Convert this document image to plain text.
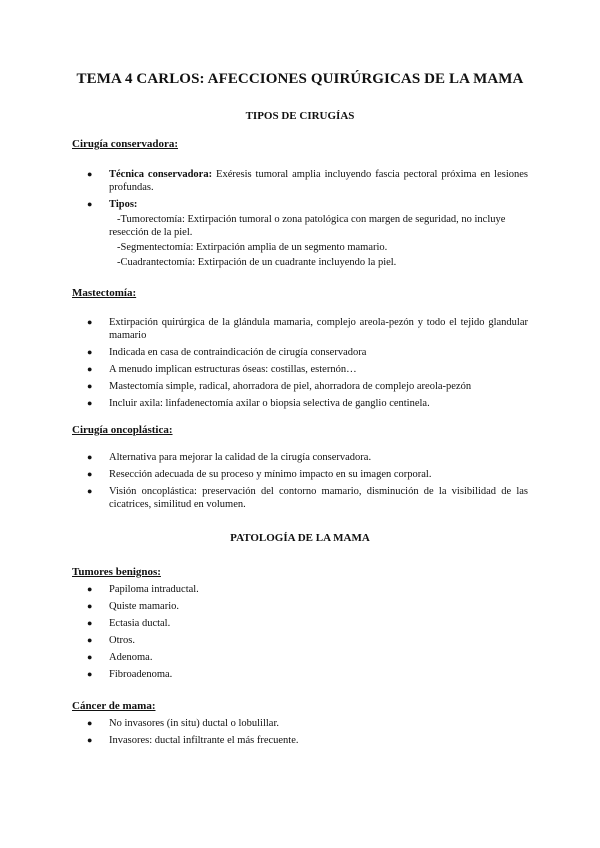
TEMA 4 CARLOS: AFECCIONES QUIRÚRGICAS DE LA MAMA
TIPOS DE CIRUGÍAS
Cirugía conservadora:
● Técnica conservadora: Exéresis tumoral amplia incluyendo fascia pectoral próxima en lesiones profundas.
● Tipos:
-Tumorectomía: Extirpación tumoral o zona patológica con margen de seguridad, no incluye resección de la piel.
-Segmentectomía: Extirpación amplia de un segmento mamario.
-Cuadrantectomía: Extirpación de un cuadrante incluyendo la piel.
Mastectomía:
● Extirpación quirúrgica de la glándula mamaria, complejo areola-pezón y todo el tejido glandular mamario
● Indicada en casa de contraindicación de cirugía conservadora
● A menudo implican estructuras óseas: costillas, esternón…
● Mastectomía simple, radical, ahorradora de piel, ahorradora de complejo areola-pezón
● Incluir axila: linfadenectomía axilar o biopsia selectiva de ganglio centinela.
Cirugía oncoplástica:
● Alternativa para mejorar la calidad de la cirugía conservadora.
● Resección adecuada de su proceso y mínimo impacto en su imagen corporal.
● Visión oncoplástica: preservación del contorno mamario, disminución de la visibilidad de las cicatrices, similitud en volumen.
PATOLOGÍA DE LA MAMA
Tumores benignos:
● Papiloma intraductal.
● Quiste mamario.
● Ectasia ductal.
● Otros.
● Adenoma.
● Fibroadenoma.
Cáncer de mama:
● No invasores (in situ) ductal o lobulillar.
● Invasores: ductal infiltrante el más frecuente.
